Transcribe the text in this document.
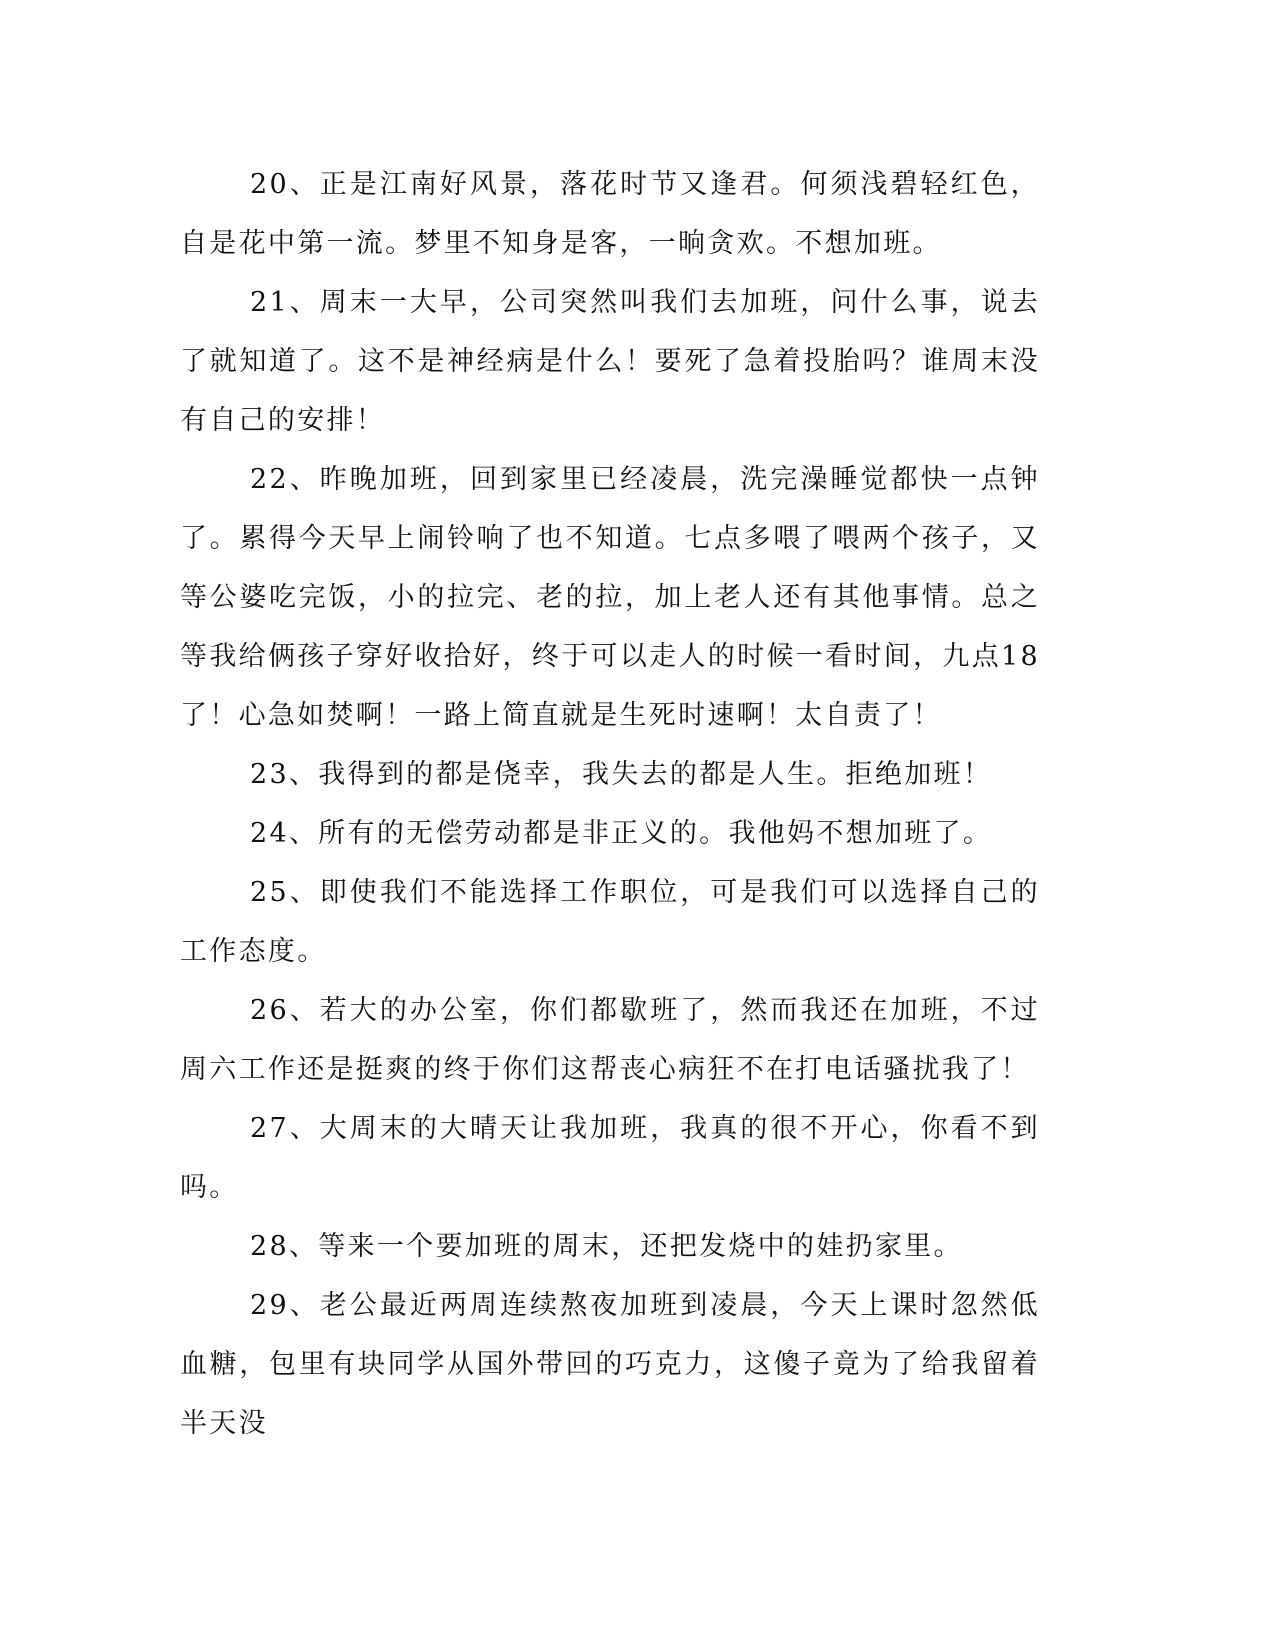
20、正是江南好风景，落花时节又逢君。何须浅碧轻红色，自是花中第一流。梦里不知身是客，一晌贪欢。不想加班。

21、周末一大早，公司突然叫我们去加班，问什么事，说去了就知道了。这不是神经病是什么！要死了急着投胎吗？谁周末没有自己的安排！

22、昨晚加班，回到家里已经凌晨，洗完澡睡觉都快一点钟了。累得今天早上闹铃响了也不知道。七点多喂了喂两个孩子，又等公婆吃完饭，小的拉完、老的拉，加上老人还有其他事情。总之等我给俩孩子穿好收拾好，终于可以走人的时候一看时间，九点18了！心急如焚啊！一路上简直就是生死时速啊！太自责了！

23、我得到的都是侥幸，我失去的都是人生。拒绝加班！

24、所有的无偿劳动都是非正义的。我他妈不想加班了。

25、即使我们不能选择工作职位，可是我们可以选择自己的工作态度。

26、若大的办公室，你们都歇班了，然而我还在加班，不过周六工作还是挺爽的终于你们这帮丧心病狂不在打电话骚扰我了！

27、大周末的大晴天让我加班，我真的很不开心，你看不到吗。

28、等来一个要加班的周末，还把发烧中的娃扔家里。

29、老公最近两周连续熬夜加班到凌晨，今天上课时忽然低血糖，包里有块同学从国外带回的巧克力，这傻子竟为了给我留着半天没
